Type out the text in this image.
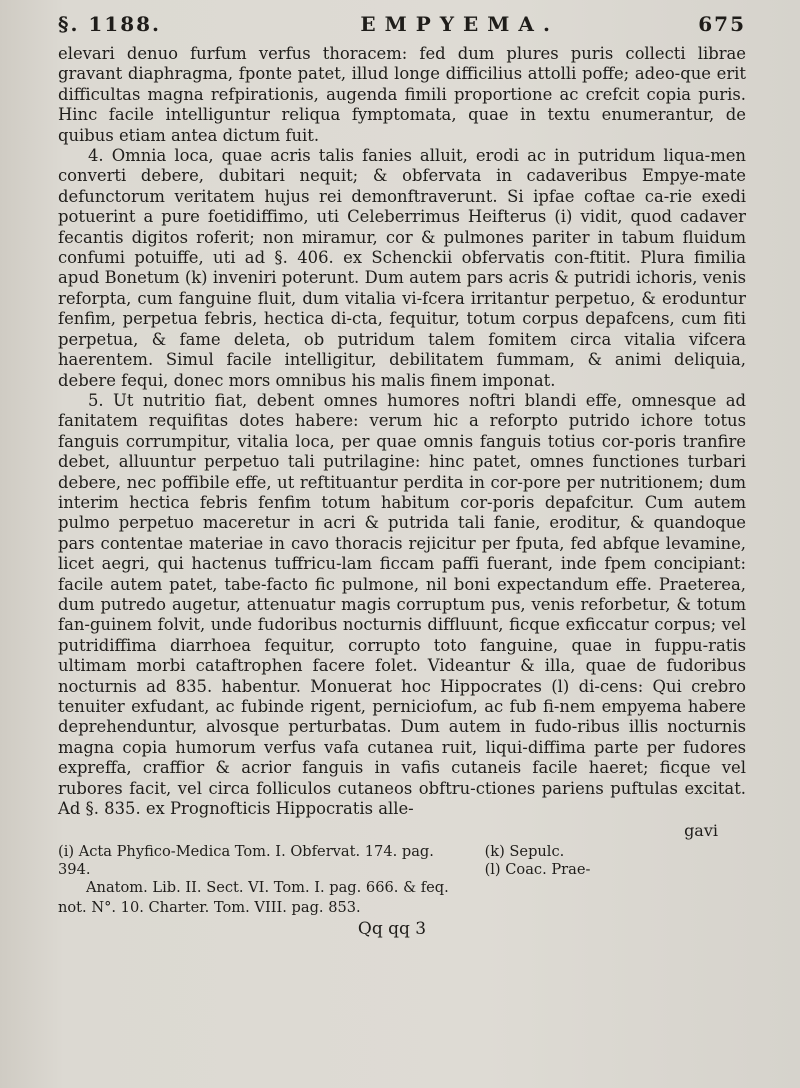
§. 1188.	EMPYEMA.	675

elevari denuo furfum verfus thoracem: fed dum plures puris collecti librae gravant diaphragma, fponte patet, illud longe difficilius attolli poffe; adeo-que erit difficultas magna refpirationis, augenda fimili proportione ac crefcit copia puris. Hinc facile intelliguntur reliqua fymptomata, quae in textu enumerantur, de quibus etiam antea dictum fuit.

4. Omnia loca, quae acris talis fanies alluit, erodi ac in putridum liqua-men converti debere, dubitari nequit; & obfervata in cadaveribus Empye-mate defunctorum veritatem hujus rei demonftraverunt. Si ipfae coftae ca-rie exedi potuerint a pure foetidiffimo, uti Celeberrimus Heifterus (i) vidit, quod cadaver fecantis digitos roferit; non miramur, cor & pulmones pariter in tabum fluidum confumi potuiffe, uti ad §. 406. ex Schenckii obfervatis con-ftitit. Plura fimilia apud Bonetum (k) inveniri poterunt. Dum autem pars acris & putridi ichoris, venis reforpta, cum fanguine fluit, dum vitalia vi-fcera irritantur perpetuo, & eroduntur fenfim, perpetua febris, hectica di-cta, fequitur, totum corpus depafcens, cum fiti perpetua, & fame deleta, ob putridum talem fomitem circa vitalia vifcera haerentem. Simul facile intelligitur, debilitatem fummam, & animi deliquia, debere fequi, donec mors omnibus his malis finem imponat.

5. Ut nutritio fiat, debent omnes humores noftri blandi effe, omnesque ad fanitatem requifitas dotes habere: verum hic a reforpto putrido ichore totus fanguis corrumpitur, vitalia loca, per quae omnis fanguis totius cor-poris tranfire debet, alluuntur perpetuo tali putrilagine: hinc patet, omnes functiones turbari debere, nec poffibile effe, ut reftituantur perdita in cor-pore per nutritionem; dum interim hectica febris fenfim totum habitum cor-poris depafcitur. Cum autem pulmo perpetuo maceretur in acri & putrida tali fanie, eroditur, & quandoque pars contentae materiae in cavo thoracis rejicitur per fputa, fed abfque levamine, licet aegri, qui hactenus tuffricu-lam ficcam paffi fuerant, inde fpem concipiant: facile autem patet, tabe-facto fic pulmone, nil boni expectandum effe. Praeterea, dum putredo augetur, attenuatur magis corruptum pus, venis reforbetur, & totum fan-guinem folvit, unde fudoribus nocturnis diffluunt, ficque exficcatur corpus; vel putridiffima diarrhoea fequitur, corrupto toto fanguine, quae in fuppu-ratis ultimam morbi cataftrophen facere folet. Videantur & illa, quae de fudoribus nocturnis ad 835. habentur. Monuerat hoc Hippocrates (l) di-cens: Qui crebro tenuiter exfudant, ac fubinde rigent, perniciofum, ac fub fi-nem empyema habere deprehenduntur, alvosque perturbatas. Dum autem in fudo-ribus illis nocturnis magna copia humorum verfus vafa cutanea ruit, liqui-diffima parte per fudores expreffa, craffior & acrior fanguis in vafis cutaneis facile haeret; ficque vel rubores facit, vel circa folliculos cutaneos obftru-ctiones pariens puftulas excitat. Ad §. 835. ex Prognofticis Hippocratis alle-

gavi
(i) Acta Phyfico-Medica Tom. I. Obfervat. 174. pag. 394.
Anatom. Lib. II. Sect. VI. Tom. I. pag. 666. & feq.
(k) Sepulc.
(l) Coac. Prae-
not. N°. 10. Charter. Tom. VIII. pag. 853.
Qq qq 3
